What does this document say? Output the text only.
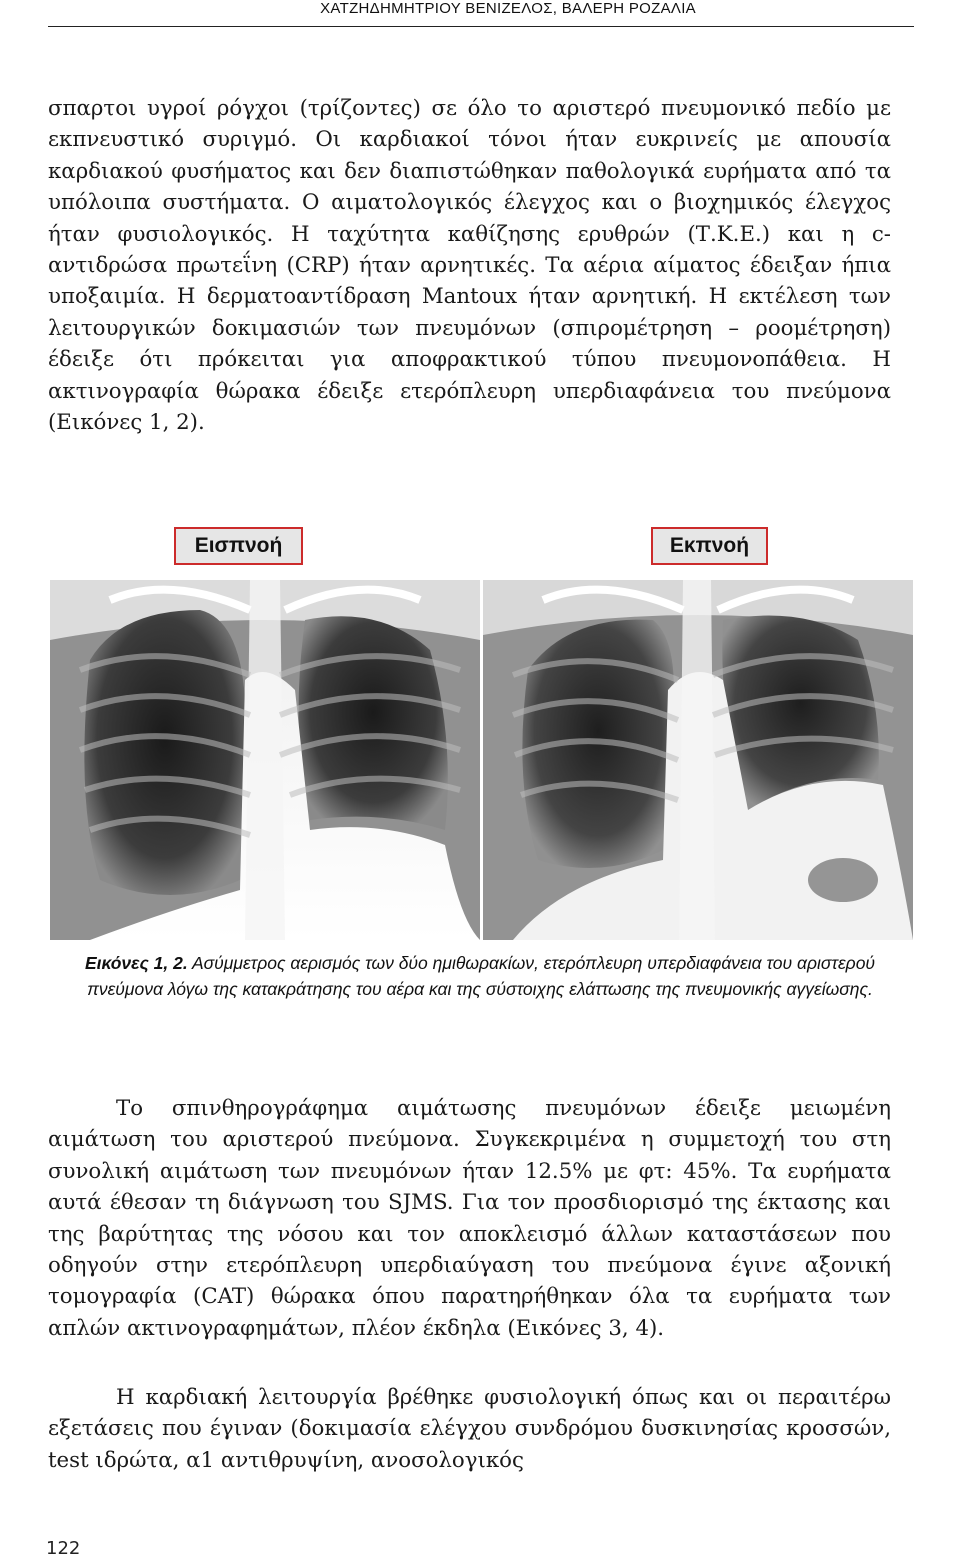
ΧΑΤΖΗΔΗΜΗΤΡΙΟΥ ΒΕΝΙΖΕΛΟΣ, ΒΑΛΕΡΗ ΡΟΖΑΛΙΑ

σπαρτοι υγροί ρόγχοι (τρίζοντες) σε όλο το αριστερό πνευμονικό πεδίο με εκπνευστικό συριγμό. Οι καρδιακοί τόνοι ήταν ευκρινείς με απουσία καρδιακού φυσήματος και δεν διαπιστώθηκαν παθολογικά ευρήματα από τα υπόλοιπα συστήματα. Ο αιματολογικός έλεγχος και ο βιοχημικός έλεγχος ήταν φυσιολογικός. Η ταχύτητα καθίζησης ερυθρών (Τ.Κ.Ε.) και η c-αντιδρώσα πρωτεΐνη (CRP) ήταν αρνητικές. Τα αέρια αίματος έδειξαν ήπια υποξαιμία. Η δερματοαντίδραση Mantoux ήταν αρνητική. Η εκτέλεση των λειτουργικών δοκιμασιών των πνευμόνων (σπιρομέτρηση – ροομέτρηση) έδειξε ότι πρόκειται για αποφρακτικού τύπου πνευμονοπάθεια. Η ακτινογραφία θώρακα έδειξε ετερόπλευρη υπερδιαφάνεια του πνεύμονα (Εικόνες 1, 2).

Εισπνοή	Εκπνοή

Εικόνες 1, 2. Ασύμμετρος αερισμός των δύο ημιθωρακίων, ετερόπλευρη υπερδιαφάνεια του αριστερού πνεύμονα λόγω της κατακράτησης του αέρα και της σύστοιχης ελάττωσης της πνευμονικής αγγείωσης.

Το σπινθηρογράφημα αιμάτωσης πνευμόνων έδειξε μειωμένη αιμάτωση του αριστερού πνεύμονα. Συγκεκριμένα η συμμετοχή του στη συνολική αιμάτωση των πνευμόνων ήταν 12.5% με φτ: 45%. Τα ευρήματα αυτά έθεσαν τη διάγνωση του SJMS. Για τον προσδιορισμό της έκτασης και της βαρύτητας της νόσου και τον αποκλεισμό άλλων καταστάσεων που οδηγούν στην ετερόπλευρη υπερδιαύγαση του πνεύμονα έγινε αξονική τομογραφία (CAT) θώρακα όπου παρατηρήθηκαν όλα τα ευρήματα των απλών ακτινογραφημάτων, πλέον έκδηλα (Εικόνες 3, 4).

Η καρδιακή λειτουργία βρέθηκε φυσιολογική όπως και οι περαιτέρω εξετάσεις που έγιναν (δοκιμασία ελέγχου συνδρόμου δυσκινησίας κροσσών, test ιδρώτα, α1 αντιθρυψίνη, ανοσολογικός

122
